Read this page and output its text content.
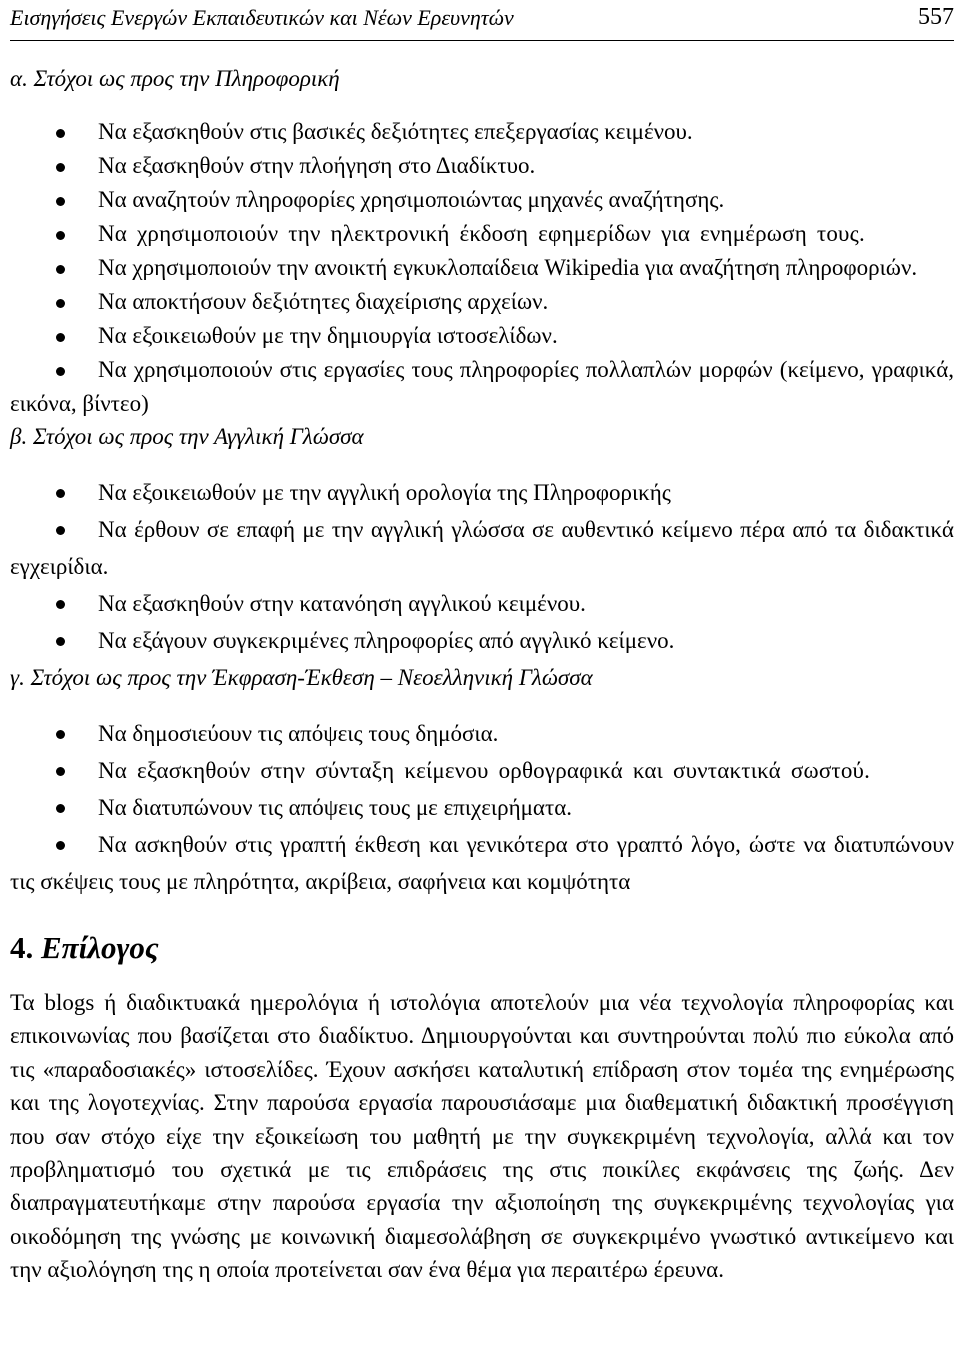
Εισηγήσεις Ενεργών Εκπαιδευτικών και Νέων Ερευνητών	557
α. Στόχοι ως προς την Πληροφορική
Να εξασκηθούν στις βασικές δεξιότητες επεξεργασίας κειμένου.
Να εξασκηθούν στην πλοήγηση στο Διαδίκτυο.
Να αναζητούν πληροφορίες χρησιμοποιώντας μηχανές αναζήτησης.
Να χρησιμοποιούν την ηλεκτρονική έκδοση εφημερίδων για ενημέρωση τους.
Να χρησιμοποιούν την ανοικτή εγκυκλοπαίδεια Wikipedia για αναζήτηση πληροφοριών.
Να αποκτήσουν δεξιότητες διαχείρισης αρχείων.
Να εξοικειωθούν με την δημιουργία ιστοσελίδων.
Να χρησιμοποιούν στις εργασίες τους πληροφορίες πολλαπλών μορφών (κείμενο, γραφικά, εικόνα, βίντεο)
β. Στόχοι ως προς την Αγγλική Γλώσσα
Να εξοικειωθούν με την αγγλική ορολογία της Πληροφορικής
Να έρθουν σε επαφή με την αγγλική γλώσσα σε αυθεντικό κείμενο πέρα από τα διδακτικά εγχειρίδια.
Να εξασκηθούν στην κατανόηση αγγλικού κειμένου.
Να εξάγουν συγκεκριμένες πληροφορίες από αγγλικό κείμενο.
γ. Στόχοι ως προς την Έκφραση-Έκθεση – Νεοελληνική Γλώσσα
Να δημοσιεύουν τις απόψεις τους δημόσια.
Να εξασκηθούν στην σύνταξη κείμενου ορθογραφικά και συντακτικά σωστού.
Να διατυπώνουν τις απόψεις τους με επιχειρήματα.
Να ασκηθούν στις γραπτή έκθεση και γενικότερα στο γραπτό λόγο, ώστε να διατυπώνουν τις σκέψεις τους με πληρότητα, ακρίβεια, σαφήνεια και κομψότητα
4. Επίλογος

Τα blogs ή διαδικτυακά ημερολόγια ή ιστολόγια αποτελούν μια νέα τεχνολογία πληροφορίας και επικοινωνίας που βασίζεται στο διαδίκτυο. Δημιουργούνται και συντηρούνται πολύ πιο εύκολα από τις «παραδοσιακές» ιστοσελίδες. Έχουν ασκήσει καταλυτική επίδραση στον τομέα της ενημέρωσης και της λογοτεχνίας. Στην παρούσα εργασία παρουσιάσαμε μια διαθεματική διδακτική προσέγγιση που σαν στόχο είχε την εξοικείωση του μαθητή με την συγκεκριμένη τεχνολογία, αλλά και τον προβληματισμό του σχετικά με τις επιδράσεις της στις ποικίλες εκφάνσεις της ζωής. Δεν διαπραγματευτήκαμε στην παρούσα εργασία την αξιοποίηση της συγκεκριμένης τεχνολογίας για οικοδόμηση της γνώσης με κοινωνική διαμεσολάβηση σε συγκεκριμένο γνωστικό αντικείμενο και την αξιολόγηση της η οποία προτείνεται σαν ένα θέμα για περαιτέρω έρευνα.
